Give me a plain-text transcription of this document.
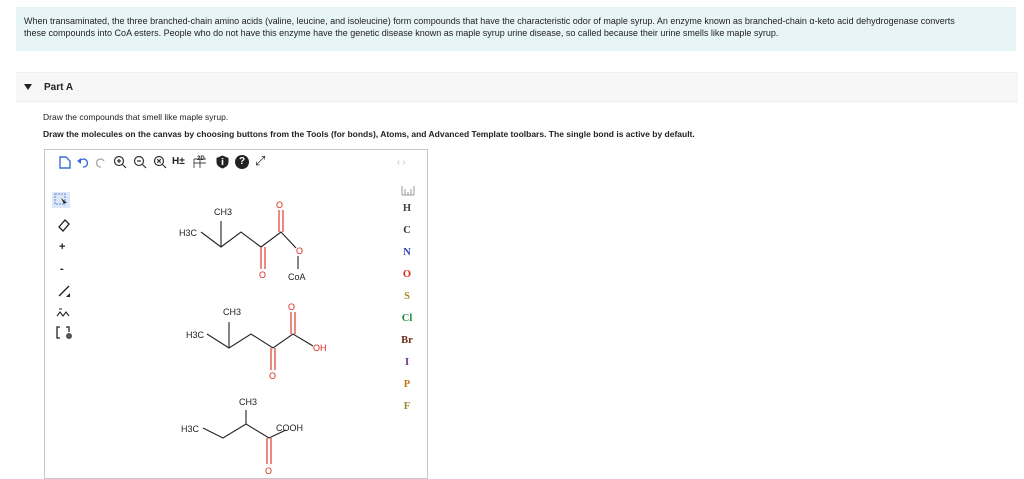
When transaminated, the three branched-chain amino acids (valine, leucine, and isoleucine) form compounds that have the characteristic odor of maple syrup. An enzyme known as branched-chain α-keto acid dehydrogenase converts
these compounds into CoA esters. People who do not have this enzyme have the genetic disease known as maple syrup urine disease, so called because their urine smells like maple syrup.
Part A
Draw the compounds that smell like maple syrup.
Draw the molecules on the canvas by choosing buttons from the Tools (for bonds), Atoms, and Advanced Template toolbars. The single bond is active by default.
H± 2D	? ⤢	‹ ›
+
-
H
C
N
O
S
Cl
Br
I
P
F
H3C
CH3
O
O
O CoA
H3C
CH3	O
OH
O
H3C
CH3
COOH
O
